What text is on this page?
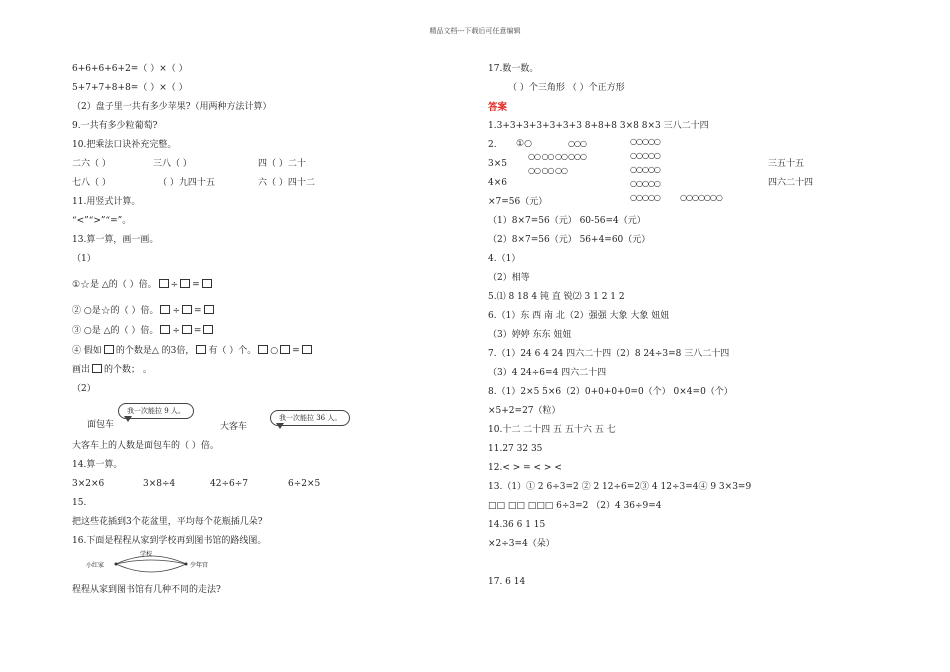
精品文档---下载后可任意编辑
6+6+6+6+2=（ ）×（ ）
5+7+7+8+8=（ ）×（ ）
（2）盘子里一共有多少苹果?（用两种方法计算）
9.一共有多少粒葡萄?
10.把乘法口诀补充完整。
二六（ ）	三八（ ）	四（ ）二十
七八（ ）	（ ）九四十五	六（ ）四十二
11.用竖式计算。
“<”“>”“=”。
13.算一算，画一画。
（1）
①☆是 △的（ ）倍。 ÷ =
② ○是☆的（ ）倍。 ÷ =
③ ○是 △的（ ）倍。 ÷ =
④ 假如 的个数是△ 的3倍， 有（ ）个。 ○ =
画出 的个数； 。
（2）
我一次能拉 9 人。
我一次能拉 36 人。
面包车	大客车
大客车上的人数是面包车的（ ）倍。
14.算一算。
3×2×6	3×8÷4	42÷6÷7	6÷2×5
15.
把这些花插到3个花盆里，平均每个花瓶插几朵?
16.下面是程程从家到学校再到图书馆的路线图。
小红家
学校
少年宫
程程从家到图书馆有几种不同的走法?
17.数一数。
（ ）个三角形 （ ）个正方形
答案
1.3+3+3+3+3+3+3 8+8+8 3×8 8×3 三八二十四
2. ①○
3×5	三五十五
4×6	四六二十四
○○ ○○ ○○
○○ ○○ ○○
○○○
○○○
○○○○○
○○○○○
○○○○○
○○○○○
○○○○○	○○○○○○○
×7=56（元）
（1）8×7=56（元） 60-56=4（元）
（2）8×7=56（元） 56+4=60（元）
4.（1）
（2）相等
5.⑴ 8 18 4 钝 直 锐⑵ 3 1 2 1 2
6.（1）东 西 南 北（2）强强 大象 大象 妞妞
（3）婷婷 东东 妞妞
7.（1）24 6 4 24 四六二十四（2）8 24÷3=8 三八二十四
（3）4 24÷6=4 四六二十四
8.（1）2×5 5×6（2）0+0+0+0=0（个） 0×4=0（个）
×5+2=27（粒）
10.十二 二十四 五 五十六 五 七
11.27 32 35
12.< > = < > <
13.（1）① 2 6÷3=2 ② 2 12÷6=2③ 4 12÷3=4④ 9 3×3=9
□□ □□ □□□ 6÷3=2 （2）4 36÷9=4
14.36 6 1 15
×2÷3=4（朵）
17. 6 14
